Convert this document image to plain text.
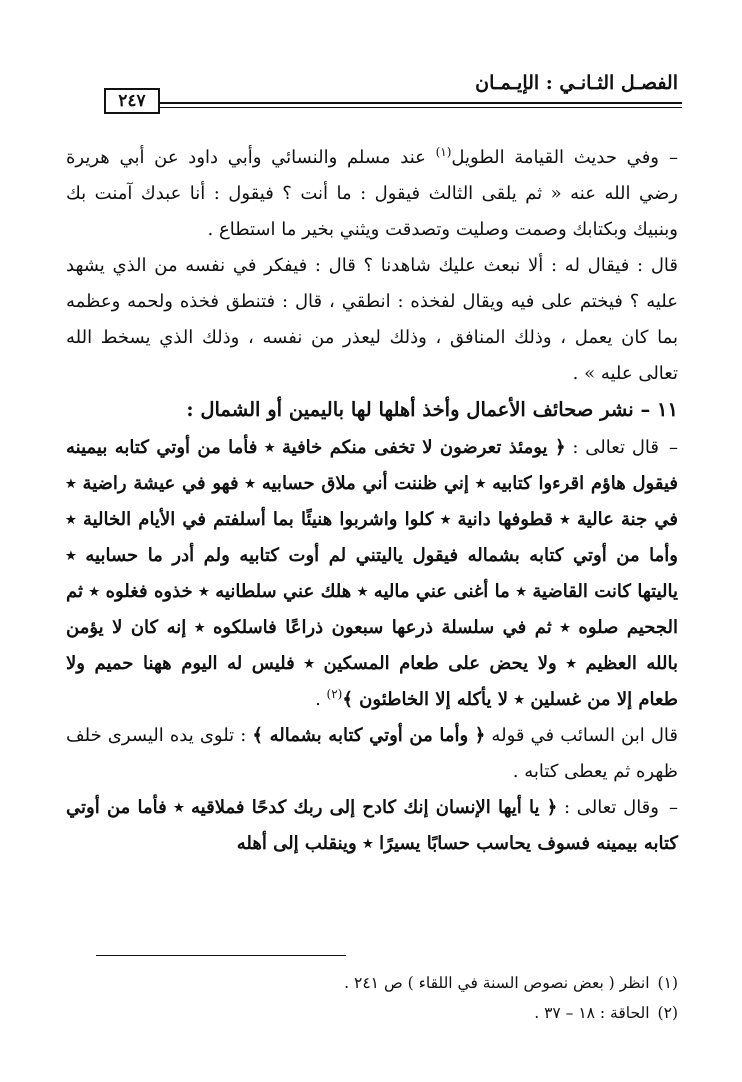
الفصـل الثـانـي : الإيـمـان
٢٤٧

– وفي حديث القيامة الطويل$^{(١)}$ عند مسلم والنسائي وأبي داود عن أبي هريرة رضي الله عنه « ثم يلقى الثالث فيقول : ما أنت ؟ فيقول : أنا عبدك آمنت بك وبنبيك وبكتابك وصمت وصليت وتصدقت ويثني بخير ما استطاع .

قال : فيقال له : ألا نبعث عليك شاهدنا ؟ قال : فيفكر في نفسه من الذي يشهد عليه ؟ فيختم على فيه ويقال لفخذه : انطقي ، قال : فتنطق فخذه ولحمه وعظمه بما كان يعمل ، وذلك المنافق ، وذلك ليعذر من نفسه ، وذلك الذي يسخط الله تعالى عليه » .

١١ – نشر صحائف الأعمال وأخذ أهلها لها باليمين أو الشمال :

– قال تعالى : ﴿ يومئذ تعرضون لا تخفى منكم خافية ٭ فأما من أوتي كتابه بيمينه فيقول هاؤم اقرءوا كتابيه ٭ إني ظننت أني ملاق حسابيه ٭ فهو في عيشة راضية ٭ في جنة عالية ٭ قطوفها دانية ٭ كلوا واشربوا هنيئًا بما أسلفتم في الأيام الخالية ٭ وأما من أوتي كتابه بشماله فيقول ياليتني لم أوت كتابيه ولم أدر ما حسابيه ٭ ياليتها كانت القاضية ٭ ما أغنى عني ماليه ٭ هلك عني سلطانيه ٭ خذوه فغلوه ٭ ثم الجحيم صلوه ٭ ثم في سلسلة ذرعها سبعون ذراعًا فاسلكوه ٭ إنه كان لا يؤمن بالله العظيم ٭ ولا يحض على طعام المسكين ٭ فليس له اليوم ههنا حميم ولا طعام إلا من غسلين ٭ لا يأكله إلا الخاطئون ﴾$^{(٢)}$ .

قال ابن السائب في قوله ﴿ وأما من أوتي كتابه بشماله ﴾ : تلوى يده اليسرى خلف ظهره ثم يعطى كتابه .

– وقال تعالى : ﴿ يا أيها الإنسان إنك كادح إلى ربك كدحًا فملاقيه ٭ فأما من أوتي كتابه بيمينه فسوف يحاسب حسابًا يسيرًا ٭ وينقلب إلى أهله

(١)انظر ( بعض نصوص السنة في اللقاء ) ص ٢٤١ .
(٢)الحاقة : ١٨ – ٣٧ .
